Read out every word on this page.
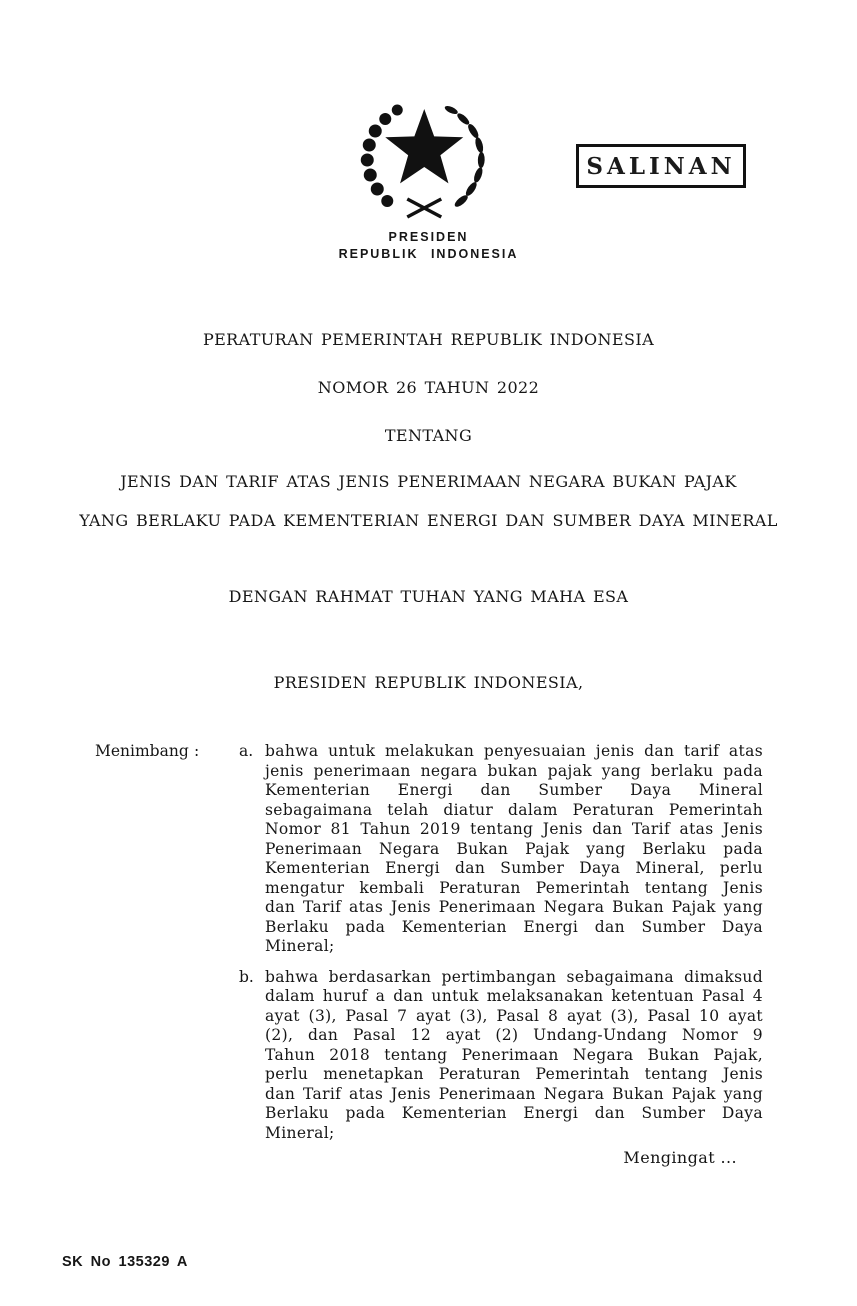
PRESIDEN
REPUBLIK INDONESIA
SALINAN
PERATURAN PEMERINTAH REPUBLIK INDONESIA
NOMOR 26 TAHUN 2022
TENTANG
JENIS DAN TARIF ATAS JENIS PENERIMAAN NEGARA BUKAN PAJAK
YANG BERLAKU PADA KEMENTERIAN ENERGI DAN SUMBER DAYA MINERAL
DENGAN RAHMAT TUHAN YANG MAHA ESA
PRESIDEN REPUBLIK INDONESIA,
Menimbang :	a. bahwa untuk melakukan penyesuaian jenis dan tarif atas jenis penerimaan negara bukan pajak yang berlaku pada Kementerian Energi dan Sumber Daya Mineral sebagaimana telah diatur dalam Peraturan Pemerintah Nomor 81 Tahun 2019 tentang Jenis dan Tarif atas Jenis Penerimaan Negara Bukan Pajak yang Berlaku pada Kementerian Energi dan Sumber Daya Mineral, perlu mengatur kembali Peraturan Pemerintah tentang Jenis dan Tarif atas Jenis Penerimaan Negara Bukan Pajak yang Berlaku pada Kementerian Energi dan Sumber Daya Mineral;
b. bahwa berdasarkan pertimbangan sebagaimana dimaksud dalam huruf a dan untuk melaksanakan ketentuan Pasal 4 ayat (3), Pasal 7 ayat (3), Pasal 8 ayat (3), Pasal 10 ayat (2), dan Pasal 12 ayat (2) Undang-Undang Nomor 9 Tahun 2018 tentang Penerimaan Negara Bukan Pajak, perlu menetapkan Peraturan Pemerintah tentang Jenis dan Tarif atas Jenis Penerimaan Negara Bukan Pajak yang Berlaku pada Kementerian Energi dan Sumber Daya Mineral;
Mengingat ...
SK No 135329 A
